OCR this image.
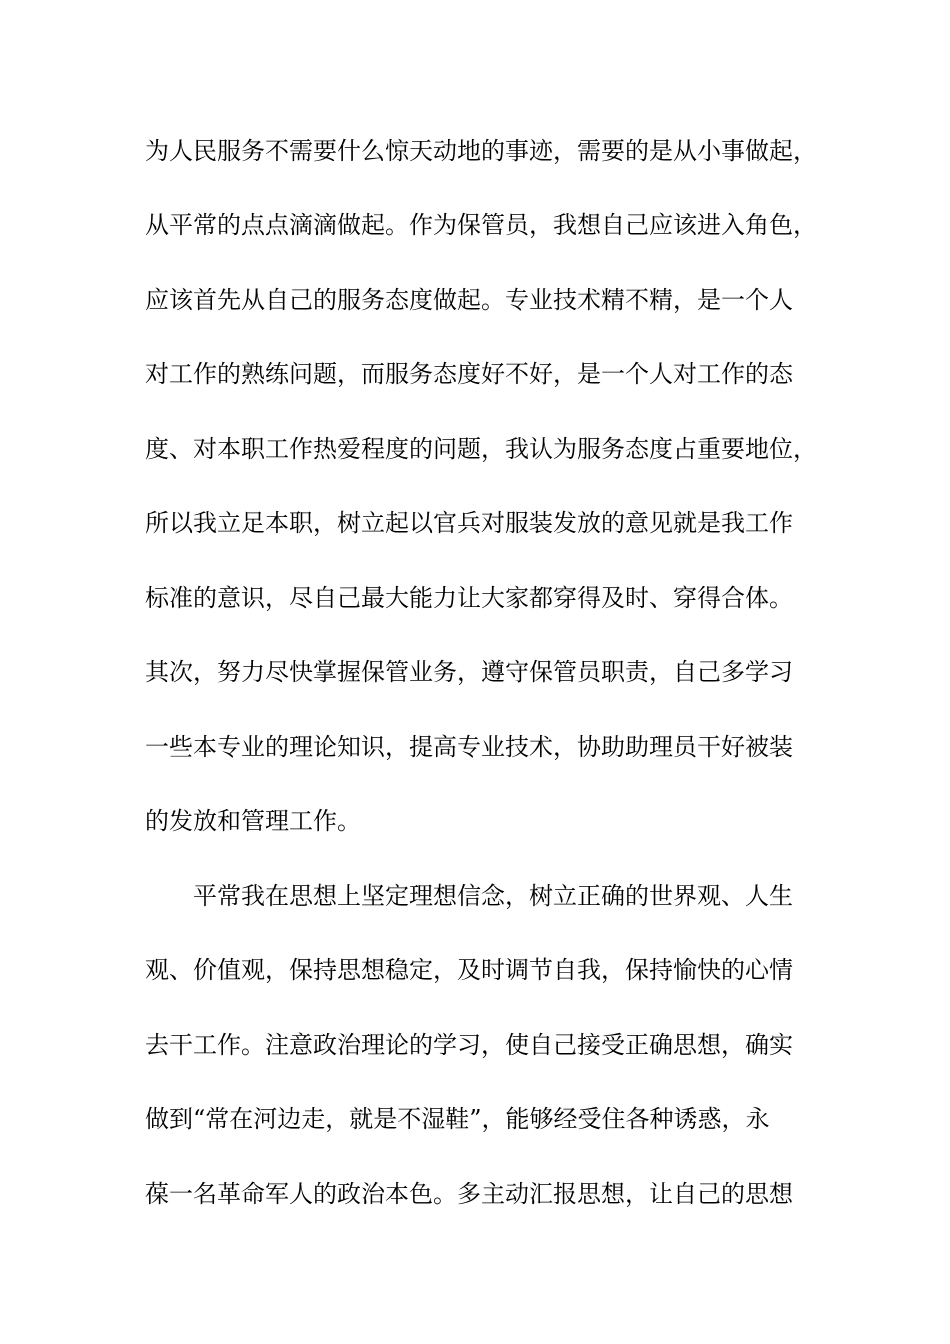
为人民服务不需要什么惊天动地的事迹，需要的是从小事做起，
从平常的点点滴滴做起。作为保管员，我想自己应该进入角色，
应该首先从自己的服务态度做起。专业技术精不精，是一个人
对工作的熟练问题，而服务态度好不好，是一个人对工作的态
度、对本职工作热爱程度的问题，我认为服务态度占重要地位，
所以我立足本职，树立起以官兵对服装发放的意见就是我工作
标准的意识，尽自己最大能力让大家都穿得及时、穿得合体。
其次，努力尽快掌握保管业务，遵守保管员职责，自己多学习
一些本专业的理论知识，提高专业技术，协助助理员干好被装
的发放和管理工作。
平常我在思想上坚定理想信念，树立正确的世界观、人生
观、价值观，保持思想稳定，及时调节自我，保持愉快的心情
去干工作。注意政治理论的学习，使自己接受正确思想，确实
做到“常在河边走，就是不湿鞋”，能够经受住各种诱惑，永
葆一名革命军人的政治本色。多主动汇报思想，让自己的思想
